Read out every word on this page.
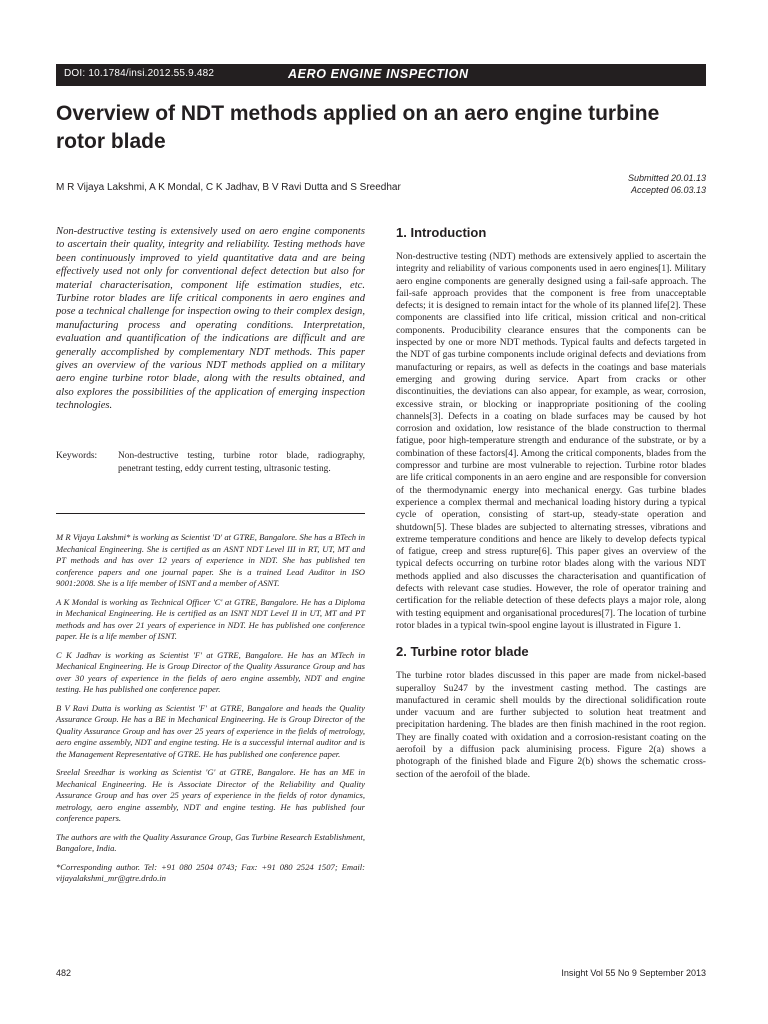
DOI: 10.1784/insi.2012.55.9.482	AERO ENGINE INSPECTION
Overview of NDT methods applied on an aero engine turbine rotor blade
M R Vijaya Lakshmi, A K Mondal, C K Jadhav, B V Ravi Dutta and S Sreedhar
Submitted 20.01.13
Accepted 06.03.13

Non-destructive testing is extensively used on aero engine components to ascertain their quality, integrity and reliability. Testing methods have been continuously improved to yield quantitative data and are being effectively used not only for conventional defect detection but also for material characterisation, component life estimation studies, etc. Turbine rotor blades are life critical components in aero engines and pose a technical challenge for inspection owing to their complex design, manufacturing process and operating conditions. Interpretation, evaluation and quantification of the indications are difficult and are generally accomplished by complementary NDT methods. This paper gives an overview of the various NDT methods applied on a military aero engine turbine rotor blade, along with the results obtained, and also explores the possibilities of the application of emerging inspection technologies.

Keywords: Non-destructive testing, turbine rotor blade, radiography, penetrant testing, eddy current testing, ultrasonic testing.

M R Vijaya Lakshmi* is working as Scientist 'D' at GTRE, Bangalore. She has a BTech in Mechanical Engineering. She is certified as an ASNT NDT Level III in RT, UT, MT and PT methods and has over 12 years of experience in NDT. She has published ten conference papers and one journal paper. She is a trained Lead Auditor in ISO 9001:2008. She is a life member of ISNT and a member of ASNT.

A K Mondal is working as Technical Officer 'C' at GTRE, Bangalore. He has a Diploma in Mechanical Engineering. He is certified as an ISNT NDT Level II in UT, MT and PT methods and has over 21 years of experience in NDT. He has published one conference paper. He is a life member of ISNT.

C K Jadhav is working as Scientist 'F' at GTRE, Bangalore. He has an MTech in Mechanical Engineering. He is Group Director of the Quality Assurance Group and has over 30 years of experience in the fields of aero engine assembly, NDT and engine testing. He has published one conference paper.

B V Ravi Dutta is working as Scientist 'F' at GTRE, Bangalore and heads the Quality Assurance Group. He has a BE in Mechanical Engineering. He is Group Director of the Quality Assurance Group and has over 25 years of experience in the fields of metrology, aero engine assembly, NDT and engine testing. He is a successful internal auditor and is the Management Representative of GTRE. He has published one conference paper.

Sreelal Sreedhar is working as Scientist 'G' at GTRE, Bangalore. He has an ME in Mechanical Engineering. He is Associate Director of the Reliability and Quality Assurance Group and has over 25 years of experience in the fields of rotor dynamics, metrology, aero engine assembly, NDT and engine testing. He has published four conference papers.

The authors are with the Quality Assurance Group, Gas Turbine Research Establishment, Bangalore, India.

*Corresponding author. Tel: +91 080 2504 0743; Fax: +91 080 2524 1507; Email: vijayalakshmi_mr@gtre.drdo.in

1. Introduction

Non-destructive testing (NDT) methods are extensively applied to ascertain the integrity and reliability of various components used in aero engines[1]. Military aero engine components are generally designed using a fail-safe approach. The fail-safe approach provides that the component is free from unacceptable defects; it is designed to remain intact for the whole of its planned life[2]. These components are classified into life critical, mission critical and non-critical components. Producibility clearance ensures that the components can be inspected by one or more NDT methods. Typical faults and defects targeted in the NDT of gas turbine components include original defects and deviations from manufacturing or repairs, as well as defects in the coatings and base materials emerging and growing during service. Apart from cracks or other discontinuities, the deviations can also appear, for example, as wear, corrosion, excessive strain, or blocking or inappropriate positioning of the cooling channels[3]. Defects in a coating on blade surfaces may be caused by hot corrosion and oxidation, low resistance of the blade construction to thermal fatigue, poor high-temperature strength and endurance of the substrate, or by a combination of these factors[4]. Among the critical components, blades from the compressor and turbine are most vulnerable to rejection. Turbine rotor blades are life critical components in an aero engine and are responsible for conversion of the thermodynamic energy into mechanical energy. Gas turbine blades experience a complex thermal and mechanical loading history during a typical cycle of operation, consisting of start-up, steady-state operation and shutdown[5]. These blades are subjected to alternating stresses, vibrations and extreme temperature conditions and hence are likely to develop defects typical of fatigue, creep and stress rupture[6]. This paper gives an overview of the typical defects occurring on turbine rotor blades along with the various NDT methods applied and also discusses the characterisation and quantification of defects with relevant case studies. However, the role of operator training and certification for the reliable detection of these defects plays a major role, along with testing equipment and organisational procedures[7]. The location of turbine rotor blades in a typical twin-spool engine layout is illustrated in Figure 1.

2. Turbine rotor blade

The turbine rotor blades discussed in this paper are made from nickel-based superalloy Su247 by the investment casting method. The castings are manufactured in ceramic shell moulds by the directional solidification route under vacuum and are further subjected to solution heat treatment and precipitation hardening. The blades are then finish machined in the root region. They are finally coated with oxidation and a corrosion-resistant coating on the aerofoil by a diffusion pack aluminising process. Figure 2(a) shows a photograph of the finished blade and Figure 2(b) shows the schematic cross-section of the aerofoil of the blade.

482	Insight Vol 55 No 9 September 2013
